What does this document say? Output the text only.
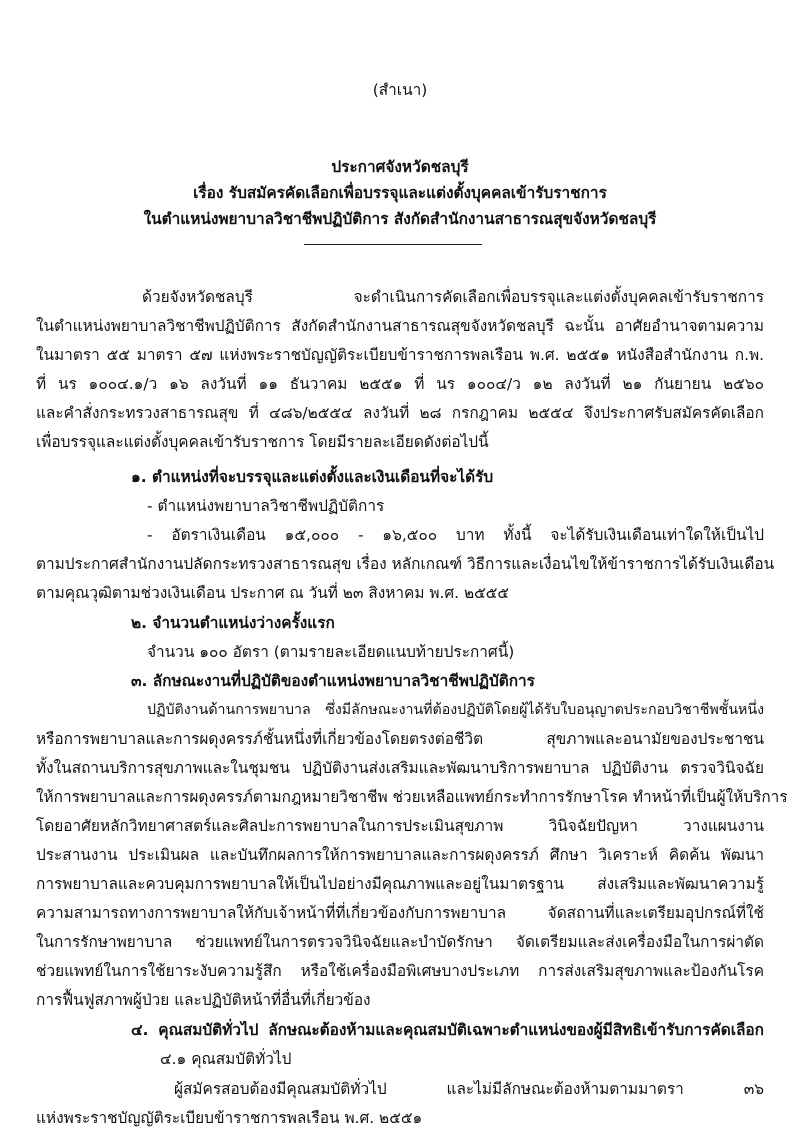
(สำเนา)
ประกาศจังหวัดชลบุรี
เรื่อง รับสมัครคัดเลือกเพื่อบรรจุและแต่งตั้งบุคคลเข้ารับราชการ
ในตำแหน่งพยาบาลวิชาชีพปฏิบัติการ สังกัดสำนักงานสาธารณสุขจังหวัดชลบุรี
ด้วยจังหวัดชลบุรี จะดำเนินการคัดเลือกเพื่อบรรจุและแต่งตั้งบุคคลเข้ารับราชการ
ในตำแหน่งพยาบาลวิชาชีพปฏิบัติการ สังกัดสำนักงานสาธารณสุขจังหวัดชลบุรี ฉะนั้น อาศัยอำนาจตามความ
ในมาตรา ๕๕ มาตรา ๕๗ แห่งพระราชบัญญัติระเบียบข้าราชการพลเรือน พ.ศ. ๒๕๕๑ หนังสือสำนักงาน ก.พ.
ที่ นร ๑๐๐๔.๑/ว ๑๖ ลงวันที่ ๑๑ ธันวาคม ๒๕๕๑ ที่ นร ๑๐๐๔/ว ๑๒ ลงวันที่ ๒๑ กันยายน ๒๕๖๐
และคำสั่งกระทรวงสาธารณสุข ที่ ๔๘๖/๒๕๕๔ ลงวันที่ ๒๘ กรกฎาคม ๒๕๕๔ จึงประกาศรับสมัครคัดเลือก
เพื่อบรรจุและแต่งตั้งบุคคลเข้ารับราชการ โดยมีรายละเอียดดังต่อไปนี้
๑. ตำแหน่งที่จะบรรจุและแต่งตั้งและเงินเดือนที่จะได้รับ
- ตำแหน่งพยาบาลวิชาชีพปฏิบัติการ
- อัตราเงินเดือน ๑๕,๐๐๐ - ๑๖,๕๐๐ บาท ทั้งนี้ จะได้รับเงินเดือนเท่าใดให้เป็นไป
ตามประกาศสำนักงานปลัดกระทรวงสาธารณสุข เรื่อง หลักเกณฑ์ วิธีการและเงื่อนไขให้ข้าราชการได้รับเงินเดือน
ตามคุณวุฒิตามช่วงเงินเดือน ประกาศ ณ วันที่ ๒๓ สิงหาคม พ.ศ. ๒๕๕๕
๒. จำนวนตำแหน่งว่างครั้งแรก
จำนวน ๑๐๐ อัตรา (ตามรายละเอียดแนบท้ายประกาศนี้)
๓. ลักษณะงานที่ปฏิบัติของตำแหน่งพยาบาลวิชาชีพปฏิบัติการ
ปฏิบัติงานด้านการพยาบาล ซึ่งมีลักษณะงานที่ต้องปฏิบัติโดยผู้ได้รับใบอนุญาตประกอบวิชาชีพชั้นหนึ่ง
หรือการพยาบาลและการผดุงครรภ์ชั้นหนึ่งที่เกี่ยวข้องโดยตรงต่อชีวิต สุขภาพและอนามัยของประชาชน
ทั้งในสถานบริการสุขภาพและในชุมชน ปฏิบัติงานส่งเสริมและพัฒนาบริการพยาบาล ปฏิบัติงาน ตรวจวินิจฉัย
ให้การพยาบาลและการผดุงครรภ์ตามกฎหมายวิชาชีพ ช่วยเหลือแพทย์กระทำการรักษาโรค ทำหน้าที่เป็นผู้ให้บริการ
โดยอาศัยหลักวิทยาศาสตร์และศิลปะการพยาบาลในการประเมินสุขภาพ วินิจฉัยปัญหา วางแผนงาน
ประสานงาน ประเมินผล และบันทึกผลการให้การพยาบาลและการผดุงครรภ์ ศึกษา วิเคราะห์ คิดค้น พัฒนา
การพยาบาลและควบคุมการพยาบาลให้เป็นไปอย่างมีคุณภาพและอยู่ในมาตรฐาน ส่งเสริมและพัฒนาความรู้
ความสามารถทางการพยาบาลให้กับเจ้าหน้าที่ที่เกี่ยวข้องกับการพยาบาล จัดสถานที่และเตรียมอุปกรณ์ที่ใช้
ในการรักษาพยาบาล ช่วยแพทย์ในการตรวจวินิจฉัยและบำบัดรักษา จัดเตรียมและส่งเครื่องมือในการผ่าตัด
ช่วยแพทย์ในการใช้ยาระงับความรู้สึก หรือใช้เครื่องมือพิเศษบางประเภท การส่งเสริมสุขภาพและป้องกันโรค
การฟื้นฟูสภาพผู้ป่วย และปฏิบัติหน้าที่อื่นที่เกี่ยวข้อง
๔. คุณสมบัติทั่วไป ลักษณะต้องห้ามและคุณสมบัติเฉพาะตำแหน่งของผู้มีสิทธิเข้ารับการคัดเลือก
๔.๑ คุณสมบัติทั่วไป
ผู้สมัครสอบต้องมีคุณสมบัติทั่วไป และไม่มีลักษณะต้องห้ามตามมาตรา ๓๖
แห่งพระราชบัญญัติระเบียบข้าราชการพลเรือน พ.ศ. ๒๕๕๑
